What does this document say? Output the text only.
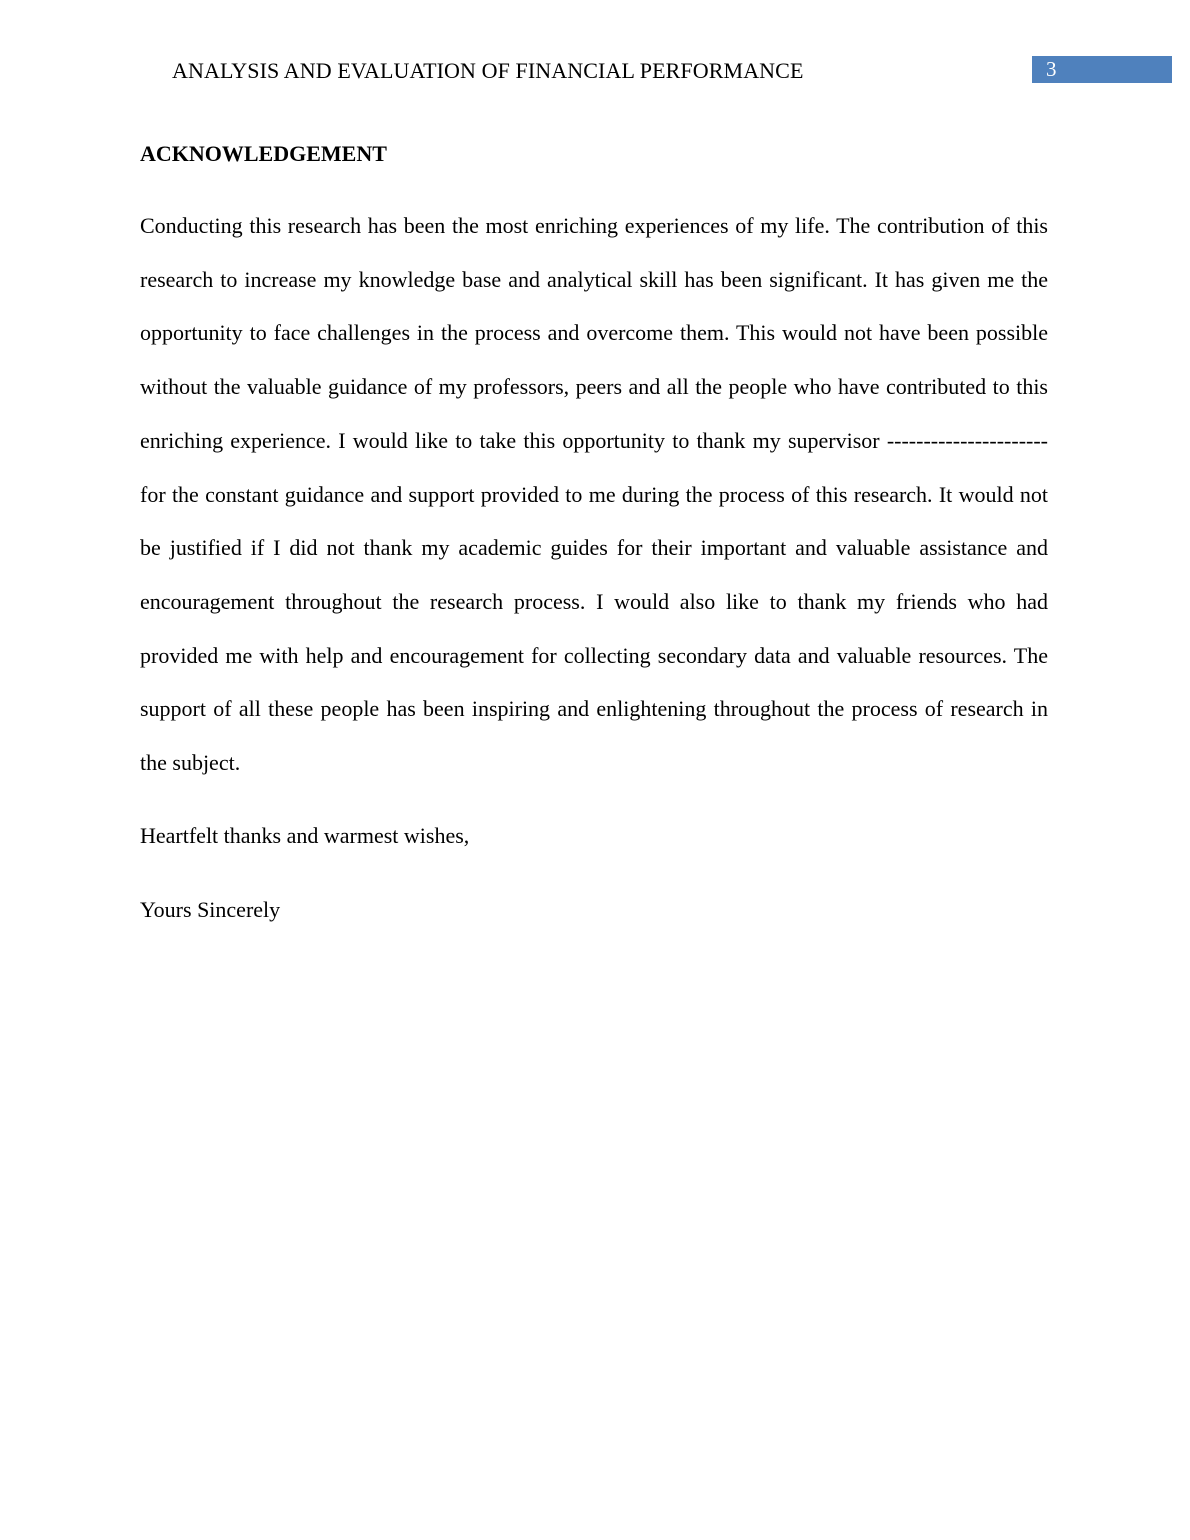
ANALYSIS AND EVALUATION OF FINANCIAL PERFORMANCE	3
ACKNOWLEDGEMENT

Conducting this research has been the most enriching experiences of my life. The contribution of this research to increase my knowledge base and analytical skill has been significant. It has given me the opportunity to face challenges in the process and overcome them. This would not have been possible without the valuable guidance of my professors, peers and all the people who have contributed to this enriching experience. I would like to take this opportunity to thank my supervisor ---------------------- for the constant guidance and support provided to me during the process of this research. It would not be justified if I did not thank my academic guides for their important and valuable assistance and encouragement throughout the research process. I would also like to thank my friends who had provided me with help and encouragement for collecting secondary data and valuable resources. The support of all these people has been inspiring and enlightening throughout the process of research in the subject.

Heartfelt thanks and warmest wishes,

Yours Sincerely
